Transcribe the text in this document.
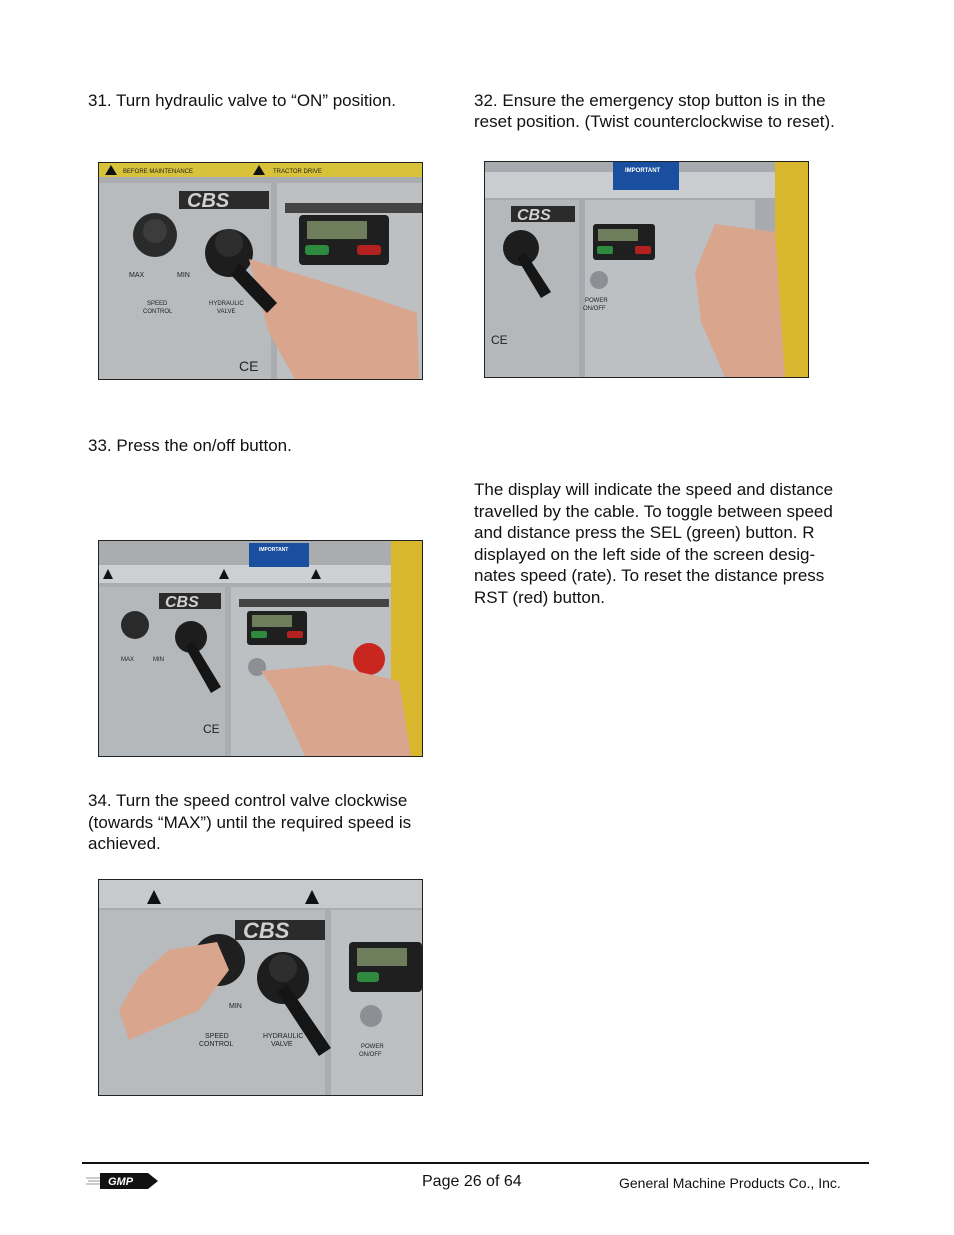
31. Turn hydraulic valve to “ON” position.
BEFORE MAINTENANCE	TRACTOR DRIVE
CBS
MAX	MIN
SPEED
CONTROL
HYDRAULIC
VALVE
CE
32. Ensure the emergency stop button is in the
reset position. (Twist counterclockwise to reset).
IMPORTANT
CBS
POWER
ON/OFF
CE
33. Press the on/off button.
IMPORTANT
CBS
MAX	MIN
CE
The display will indicate the speed and distance
travelled by the cable. To toggle between speed
and distance press the SEL (green) button. R
displayed on the left side of the screen desig-
nates speed (rate). To reset the distance press
RST (red) button.
34. Turn the speed control valve clockwise
(towards “MAX”) until the required speed is
achieved.
CBS
POWER
ON/OFF
SPEED
CONTROL
HYDRAULIC
VALVE
MIN
GMP	Page 26 of 64	General Machine Products Co., Inc.
